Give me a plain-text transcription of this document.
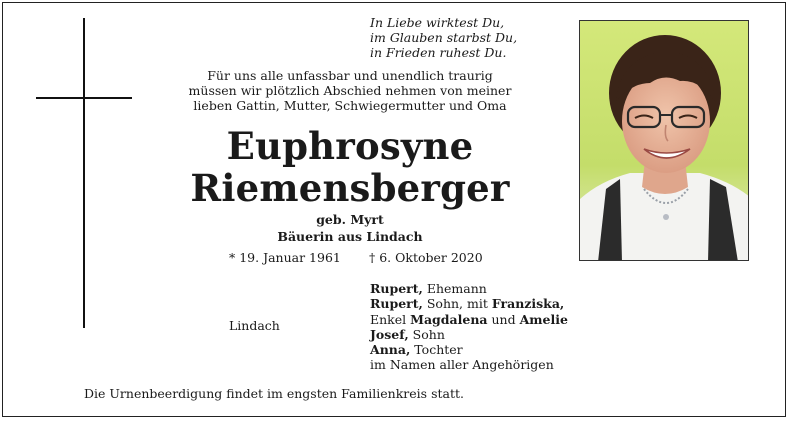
In Liebe wirktest Du,
im Glauben starbst Du,
in Frieden ruhest Du.
Für uns alle unfassbar und unendlich traurig
müssen wir plötzlich Abschied nehmen von meiner
lieben Gattin, Mutter, Schwiegermutter und Oma
Euphrosyne
Riemensberger
geb. Myrt
Bäuerin aus Lindach
* 19. Januar 1961 † 6. Oktober 2020
Lindach
Rupert, Ehemann
Rupert, Sohn, mit Franziska,
Enkel Magdalena und Amelie
Josef, Sohn
Anna, Tochter
im Namen aller Angehörigen
Die Urnenbeerdigung findet im engsten Familienkreis statt.
